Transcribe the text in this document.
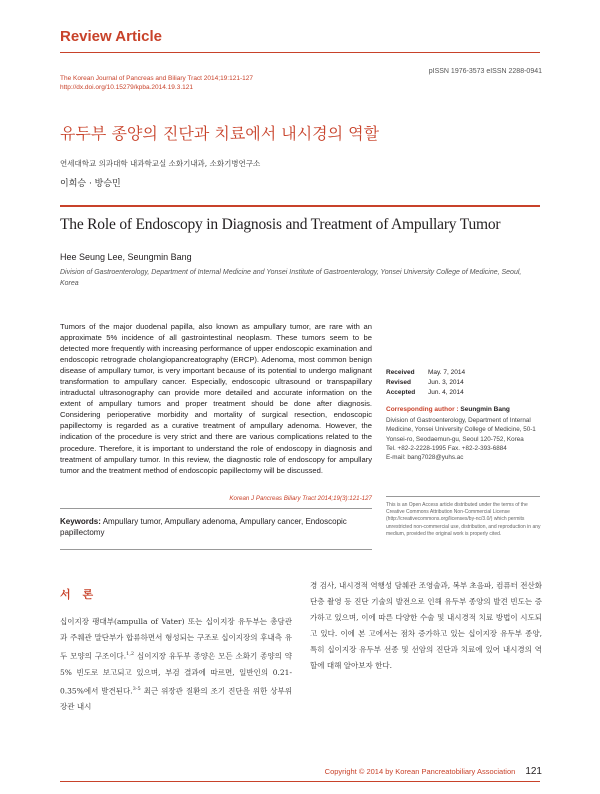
Review Article
pISSN 1976-3573 eISSN 2288-0941
The Korean Journal of Pancreas and Biliary Tract 2014;19:121-127
http://dx.doi.org/10.15279/kpba.2014.19.3.121
유두부 종양의 진단과 치료에서 내시경의 역할
연세대학교 의과대학 내과학교실 소화기내과, 소화기병연구소
이희승 · 방승민
The Role of Endoscopy in Diagnosis and Treatment of Ampullary Tumor
Hee Seung Lee, Seungmin Bang
Division of Gastroenterology, Department of Internal Medicine and Yonsei Institute of Gastroenterology, Yonsei University College of Medicine, Seoul, Korea
Tumors of the major duodenal papilla, also known as ampullary tumor, are rare with an approximate 5% incidence of all gastrointestinal neoplasm. These tumors seem to be detected more frequently with increasing performance of upper endoscopic examination and endoscopic retrograde cholangiopancreatography (ERCP). Adenoma, most common benign disease of ampullary tumor, is very important because of its potential to undergo malignant transformation to ampullary cancer. Especially, endoscopic ultrasound or transpapillary intraductal ultrasonography can provide more detailed and accurate information on the extent of ampullary tumors and proper treatment should be done after diagnosis. Considering perioperative morbidity and mortality of surgical resection, endoscopic papillectomy is regarded as a curative treatment of ampullary adenoma. However, the indication of the procedure is very strict and there are various complications related to the procedure. Therefore, it is important to understand the role of endoscopy in diagnosis and treatment of ampullary tumor. In this review, the diagnostic role of endoscopy for ampullary tumor and the treatment method of endoscopic papillectomy will be discussed.
Korean J Pancreas Biliary Tract 2014;19(3):121-127
Keywords: Ampullary tumor, Ampullary adenoma, Ampullary cancer, Endoscopic papillectomy
Received May. 7, 2014
Revised	Jun. 3, 2014
Accepted Jun. 4, 2014
Corresponding author : Seungmin Bang
Division of Gastroenterology, Department of Internal Medicine, Yonsei University College of Medicine, 50-1 Yonsei-ro, Seodaemun-gu, Seoul 120-752, Korea
Tel. +82-2-2228-1995 Fax. +82-2-393-6884
E-mail: bang7028@yuhs.ac
This is an Open Access article distributed under the terms of the Creative Commons Attribution Non-Commercial License (http://creativecommons.org/licenses/by-nc/3.0/) which permits unrestricted non-commercial use, distribution, and reproduction in any medium, provided the original work is properly cited.
서 론
십이지장 팽대부(ampulla of Vater) 또는 십이지장 유두부는 총담관과 주췌관 말단부가 합류하면서 형성되는 구조로 십이지장의 후내측 유두 모양의 구조이다.$^{1,2}$ 십이지장 유두부 종양은 모든 소화기 종양의 약 5% 빈도로 보고되고 있으며, 부검 결과에 따르면, 일반인의 0.21-0.35%에서 발견된다.$^{3-5}$ 최근 위장관 질환의 조기 진단을 위한 상부위장관 내시
경 검사, 내시경적 역행성 담췌관 조영술과, 복부 초음파, 컴퓨터 전산화 단층 촬영 등 진단 기술의 발전으로 인해 유두부 종양의 발견 빈도는 증가하고 있으며, 이에 따른 다양한 수술 및 내시경적 치료 방법이 시도되고 있다. 이에 본 고에서는 점차 증가하고 있는 십이지장 유두부 종양, 특히 십이지장 유두부 선종 및 선암의 진단과 치료에 있어 내시경의 역할에 대해 알아보자 한다.
Copyright © 2014 by Korean Pancreatobiliary Association 121
